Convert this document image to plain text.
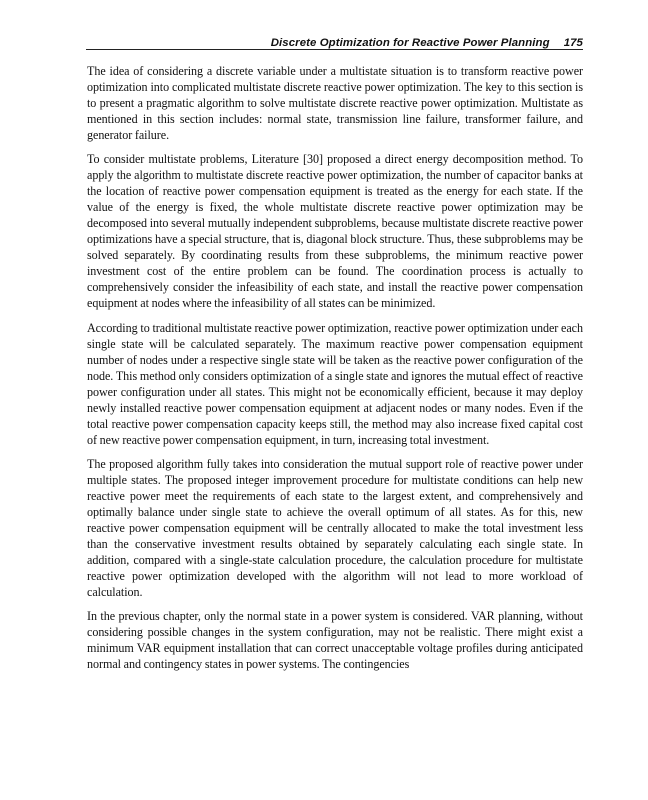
Discrete Optimization for Reactive Power Planning 175

The idea of considering a discrete variable under a multistate situation is to transform reactive power optimization into complicated multistate discrete reactive power optimization. The key to this section is to present a pragmatic algorithm to solve multistate discrete reactive power optimization. Multistate as mentioned in this section includes: normal state, transmission line failure, transformer failure, and generator failure.

To consider multistate problems, Literature [30] proposed a direct energy decomposition method. To apply the algorithm to multistate discrete reactive power optimization, the number of capacitor banks at the location of reactive power compensation equipment is treated as the energy for each state. If the value of the energy is fixed, the whole multistate discrete reactive power optimization may be decomposed into several mutually independent subproblems, because multistate discrete reactive power optimizations have a special structure, that is, diagonal block structure. Thus, these subproblems may be solved separately. By coordinating results from these subproblems, the minimum reactive power investment cost of the entire problem can be found. The coordination process is actually to comprehensively consider the infeasibility of each state, and install the reactive power compensation equipment at nodes where the infeasibility of all states can be minimized.

According to traditional multistate reactive power optimization, reactive power optimization under each single state will be calculated separately. The maximum reactive power compensation equipment number of nodes under a respective single state will be taken as the reactive power configuration of the node. This method only considers optimization of a single state and ignores the mutual effect of reactive power configuration under all states. This might not be economically efficient, because it may deploy newly installed reactive power compensation equipment at adjacent nodes or many nodes. Even if the total reactive power compensation capacity keeps still, the method may also increase fixed capital cost of new reactive power compensation equipment, in turn, increasing total investment.

The proposed algorithm fully takes into consideration the mutual support role of reactive power under multiple states. The proposed integer improvement procedure for multistate conditions can help new reactive power meet the requirements of each state to the largest extent, and comprehensively and optimally balance under single state to achieve the overall optimum of all states. As for this, new reactive power compensation equipment will be centrally allocated to make the total investment less than the conservative investment results obtained by separately calculating each single state. In addition, compared with a single-state calculation procedure, the calculation procedure for multistate reactive power optimization developed with the algorithm will not lead to more workload of calculation.

In the previous chapter, only the normal state in a power system is considered. VAR planning, without considering possible changes in the system configuration, may not be realistic. There might exist a minimum VAR equipment installation that can correct unacceptable voltage profiles during anticipated normal and contingency states in power systems. The contingencies
